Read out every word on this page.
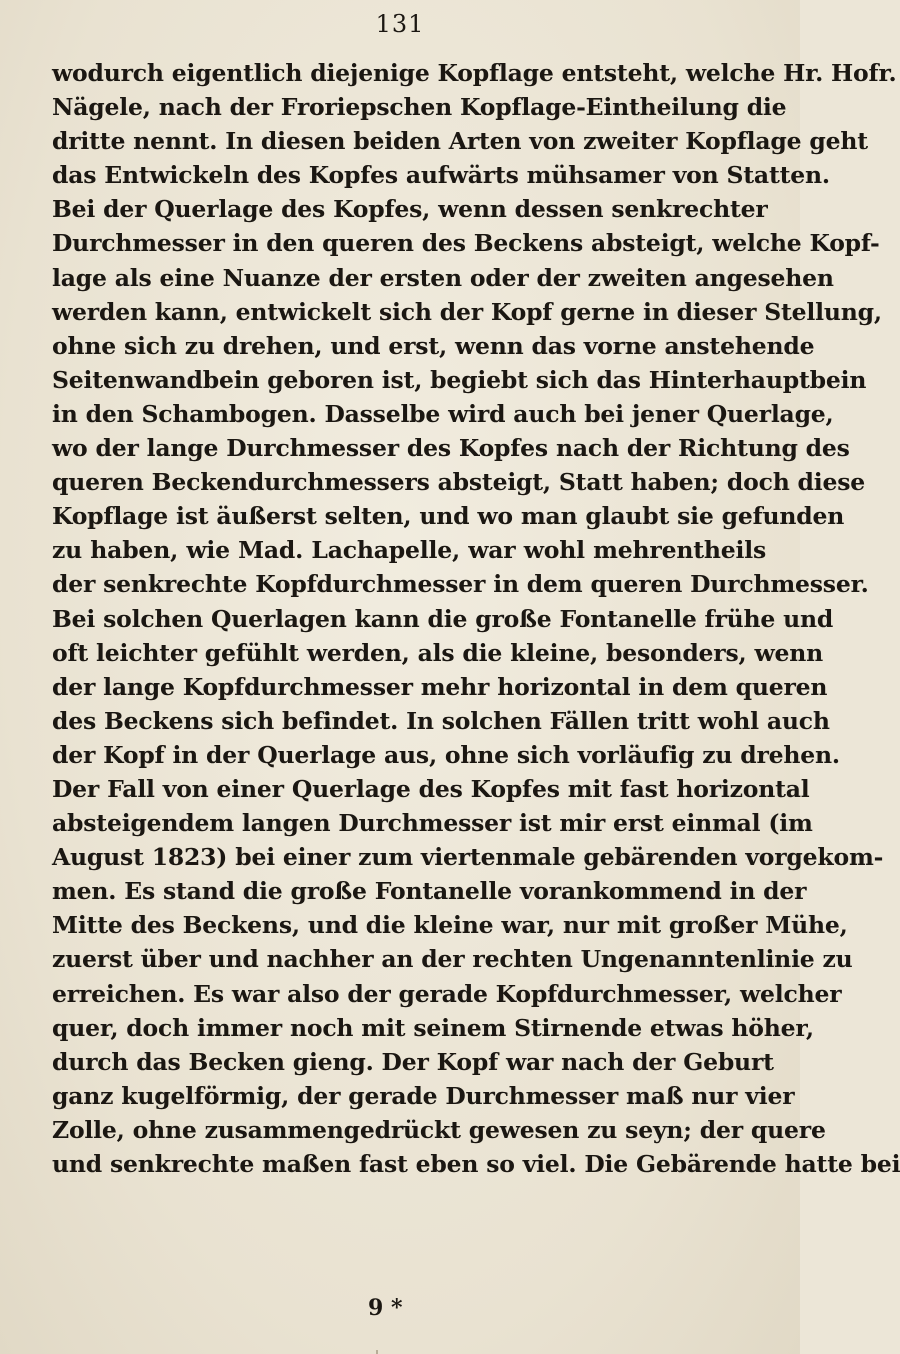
131
wodurch eigentlich diejenige Kopflage entsteht, welche Hr. Hofr.
Nägele, nach der Froriepschen Kopflage-Eintheilung die
dritte nennt. In diesen beiden Arten von zweiter Kopflage geht
das Entwickeln des Kopfes aufwärts mühsamer von Statten.
Bei der Querlage des Kopfes, wenn dessen senkrechter
Durchmesser in den queren des Beckens absteigt, welche Kopf-
lage als eine Nuanze der ersten oder der zweiten angesehen
werden kann, entwickelt sich der Kopf gerne in dieser Stellung,
ohne sich zu drehen, und erst, wenn das vorne anstehende
Seitenwandbein geboren ist, begiebt sich das Hinterhauptbein
in den Schambogen. Dasselbe wird auch bei jener Querlage,
wo der lange Durchmesser des Kopfes nach der Richtung des
queren Beckendurchmessers absteigt, Statt haben; doch diese
Kopflage ist äußerst selten, und wo man glaubt sie gefunden
zu haben, wie Mad. Lachapelle, war wohl mehrentheils
der senkrechte Kopfdurchmesser in dem queren Durchmesser.
Bei solchen Querlagen kann die große Fontanelle frühe und
oft leichter gefühlt werden, als die kleine, besonders, wenn
der lange Kopfdurchmesser mehr horizontal in dem queren
des Beckens sich befindet. In solchen Fällen tritt wohl auch
der Kopf in der Querlage aus, ohne sich vorläufig zu drehen.
Der Fall von einer Querlage des Kopfes mit fast horizontal
absteigendem langen Durchmesser ist mir erst einmal (im
August 1823) bei einer zum viertenmale gebärenden vorgekom-
men. Es stand die große Fontanelle vorankommend in der
Mitte des Beckens, und die kleine war, nur mit großer Mühe,
zuerst über und nachher an der rechten Ungenanntenlinie zu
erreichen. Es war also der gerade Kopfdurchmesser, welcher
quer, doch immer noch mit seinem Stirnende etwas höher,
durch das Becken gieng. Der Kopf war nach der Geburt
ganz kugelförmig, der gerade Durchmesser maß nur vier
Zolle, ohne zusammengedrückt gewesen zu seyn; der quere
und senkrechte maßen fast eben so viel. Die Gebärende hatte bei
9 *
